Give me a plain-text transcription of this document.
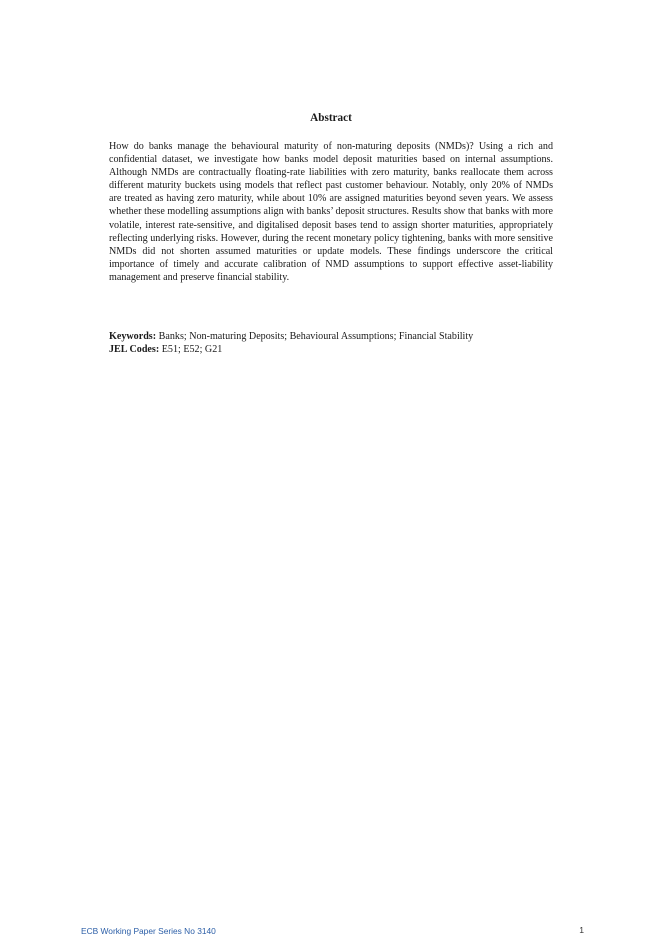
Abstract

How do banks manage the behavioural maturity of non-maturing deposits (NMDs)? Using a rich and confidential dataset, we investigate how banks model deposit maturities based on internal assumptions. Although NMDs are contractually floating-rate liabilities with zero maturity, banks reallocate them across different maturity buckets using models that reflect past customer behaviour. Notably, only 20% of NMDs are treated as having zero maturity, while about 10% are assigned maturities beyond seven years. We assess whether these modelling assumptions align with banks’ deposit structures. Results show that banks with more volatile, interest rate-sensitive, and digitalised deposit bases tend to assign shorter maturities, appropriately reflecting underlying risks. However, during the recent monetary policy tightening, banks with more sensitive NMDs did not shorten assumed maturities or update models. These findings underscore the critical importance of timely and accurate calibration of NMD assumptions to support effective asset-liability management and preserve financial stability.

Keywords: Banks; Non-maturing Deposits; Behavioural Assumptions; Financial Stability
JEL Codes: E51; E52; G21
ECB Working Paper Series No 3140	1
